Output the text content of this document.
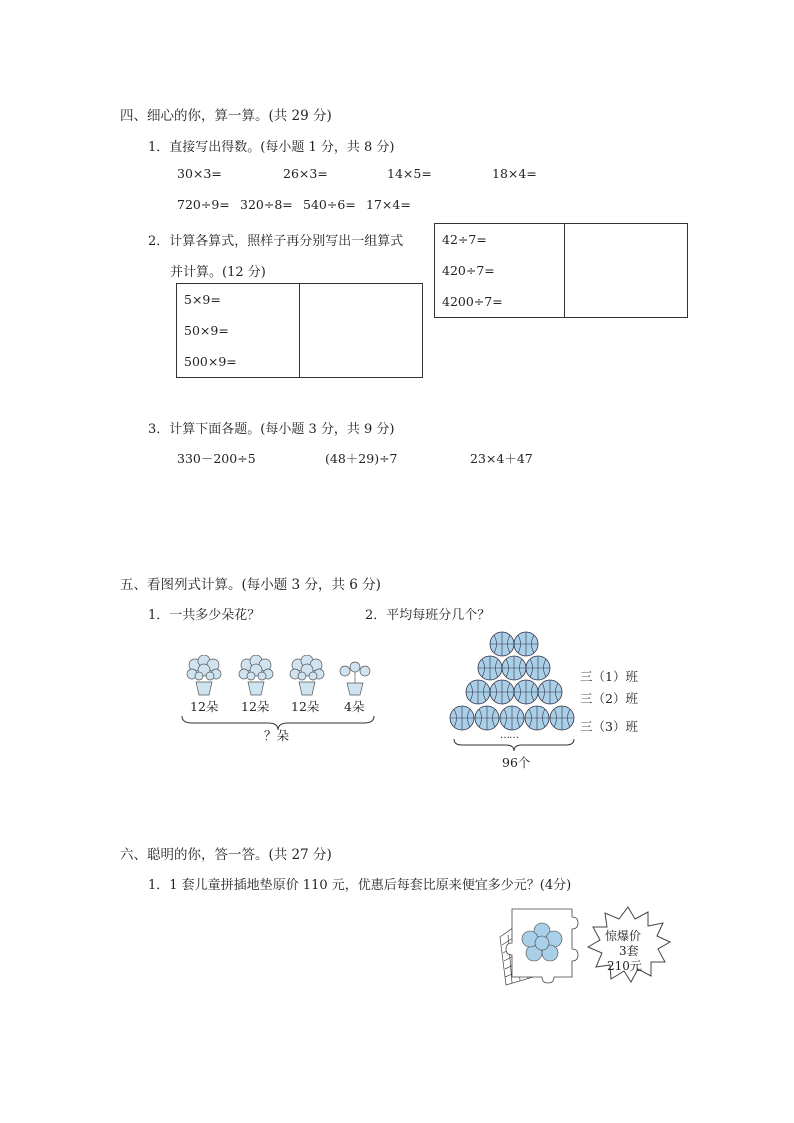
四、细心的你，算一算。(共 29 分)
1．直接写出得数。(每小题 1 分，共 8 分)
30×3=	26×3=	14×5=	18×4=
720÷9= 320÷8= 540÷6= 17×4=
2．计算各算式，照样子再分别写出一组算式
并计算。(12 分)
5×9=
50×9=
500×9=

42÷7=
420÷7=
4200÷7=

3．计算下面各题。(每小题 3 分，共 9 分)
330－200÷5	(48＋29)÷7	23×4＋47
五、看图列式计算。(每小题 3 分，共 6 分)
1．一共多少朵花？	2．平均每班分几个？
12朵 12朵 12朵 4朵
？朵	……
96个
三（1）班
三（2）班
三（3）班
六、聪明的你，答一答。(共 27 分)
1．1 套儿童拼插地垫原价 110 元，优惠后每套比原来便宜多少元？(4分)
惊爆价
3套
210元
